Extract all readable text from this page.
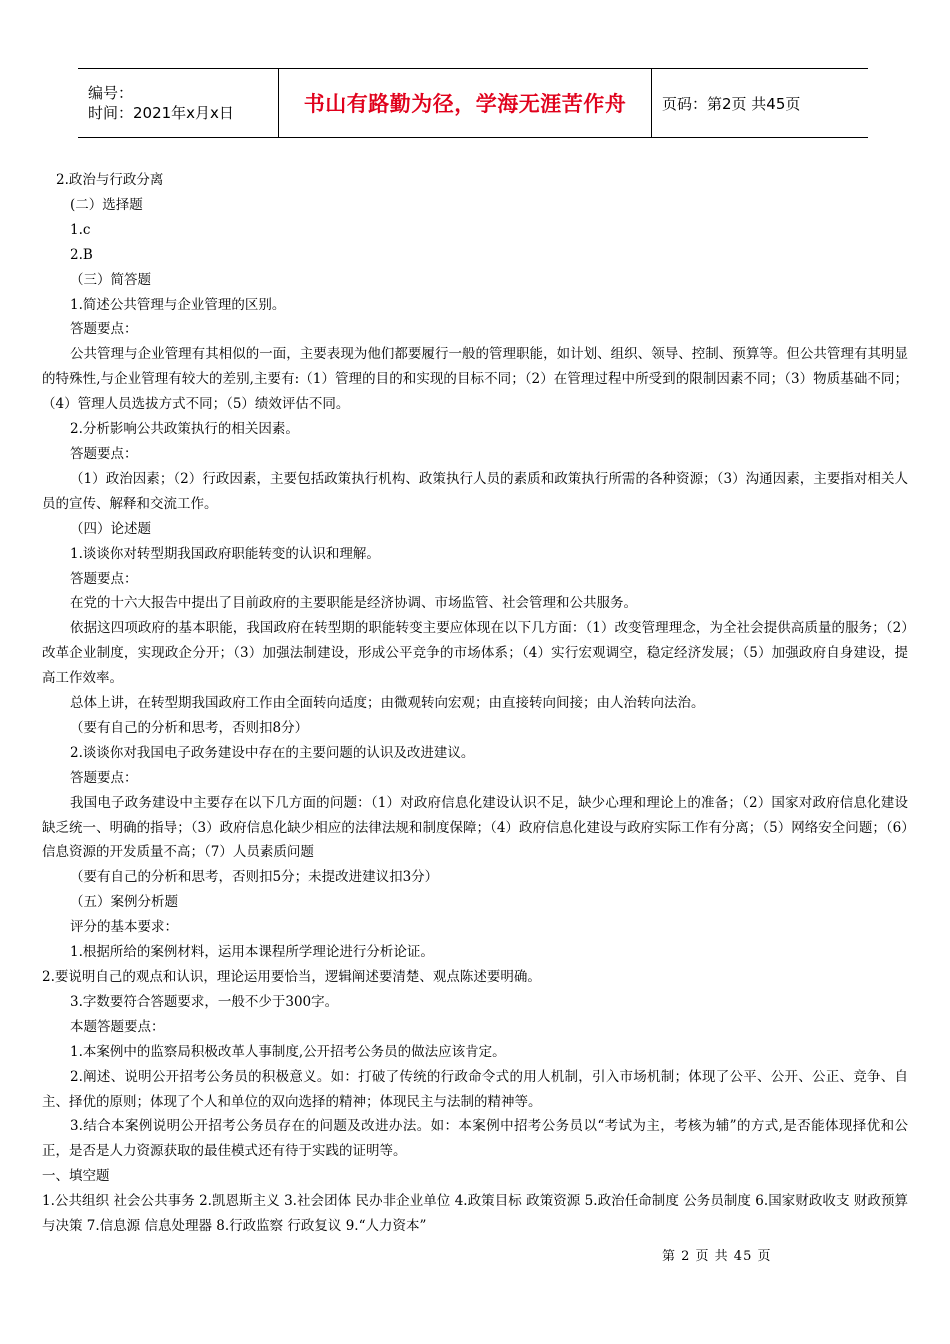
编号：
时间：2021年x月x日	书山有路勤为径，学海无涯苦作舟 页码：第2页 共45页

2.政治与行政分离

(二）选择题

1.c

2.B

（三）简答题

1.简述公共管理与企业管理的区别。

答题要点：

公共管理与企业管理有其相似的一面，主要表现为他们都要履行一般的管理职能，如计划、组织、领导、控制、预算等。但公共管理有其明显的特殊性,与企业管理有较大的差别,主要有:（1）管理的目的和实现的目标不同；（2）在管理过程中所受到的限制因素不同；（3）物质基础不同；（4）管理人员选拔方式不同；（5）绩效评估不同。

2.分析影响公共政策执行的相关因素。

答题要点：

（1）政治因素；（2）行政因素，主要包括政策执行机构、政策执行人员的素质和政策执行所需的各种资源；（3）沟通因素，主要指对相关人员的宣传、解释和交流工作。

（四）论述题

1.谈谈你对转型期我国政府职能转变的认识和理解。

答题要点：

在党的十六大报告中提出了目前政府的主要职能是经济协调、市场监管、社会管理和公共服务。

依据这四项政府的基本职能，我国政府在转型期的职能转变主要应体现在以下几方面：（1）改变管理理念，为全社会提供高质量的服务；（2）改革企业制度，实现政企分开；（3）加强法制建设，形成公平竞争的市场体系；（4）实行宏观调空，稳定经济发展；（5）加强政府自身建设，提高工作效率。

总体上讲，在转型期我国政府工作由全面转向适度；由微观转向宏观；由直接转向间接；由人治转向法治。

（要有自己的分析和思考，否则扣8分）

2.谈谈你对我国电子政务建设中存在的主要问题的认识及改进建议。

答题要点：

我国电子政务建设中主要存在以下几方面的问题：（1）对政府信息化建设认识不足，缺少心理和理论上的准备；（2）国家对政府信息化建设缺乏统一、明确的指导；（3）政府信息化缺少相应的法律法规和制度保障；（4）政府信息化建设与政府实际工作有分离；（5）网络安全问题；（6）信息资源的开发质量不高；（7）人员素质问题

（要有自己的分析和思考，否则扣5分；未提改进建议扣3分）

（五）案例分析题

评分的基本要求：

1.根据所给的案例材料，运用本课程所学理论进行分析论证。

2.要说明自己的观点和认识，理论运用要恰当，逻辑阐述要清楚、观点陈述要明确。

3.字数要符合答题要求，一般不少于300字。

本题答题要点：

1.本案例中的监察局积极改革人事制度,公开招考公务员的做法应该肯定。

2.阐述、说明公开招考公务员的积极意义。如：打破了传统的行政命令式的用人机制，引入市场机制；体现了公平、公开、公正、竞争、自主、择优的原则；体现了个人和单位的双向选择的精神；体现民主与法制的精神等。

3.结合本案例说明公开招考公务员存在的问题及改进办法。如：本案例中招考公务员以“考试为主，考核为辅”的方式,是否能体现择优和公正，是否是人力资源获取的最佳模式还有待于实践的证明等。

一、填空题

1.公共组织 社会公共事务 2.凯恩斯主义 3.社会团体 民办非企业单位 4.政策目标 政策资源 5.政治任命制度 公务员制度 6.国家财政收支 财政预算与决策 7.信息源 信息处理器 8.行政监察 行政复议 9.“人力资本”

第 2 页 共 45 页
